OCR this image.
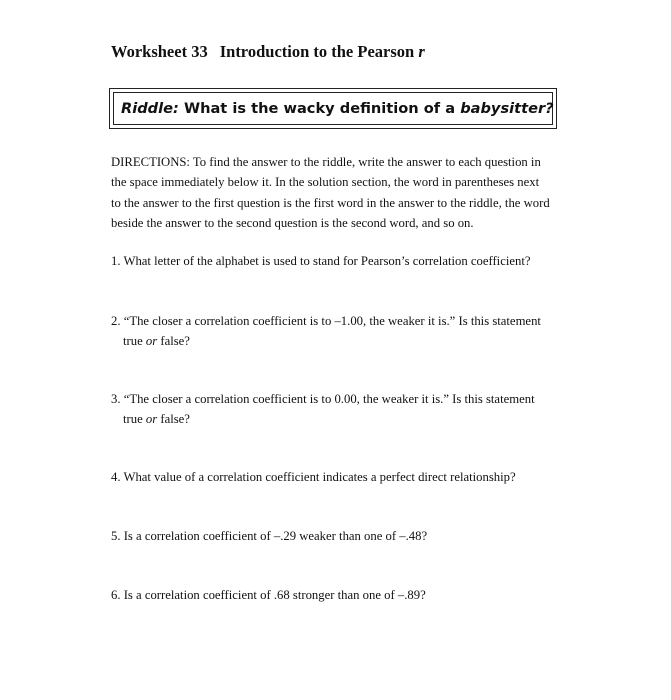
Worksheet 33 Introduction to the Pearson r
Riddle: What is the wacky definition of a babysitter?
DIRECTIONS: To find the answer to the riddle, write the answer to each question in
the space immediately below it. In the solution section, the word in parentheses next
to the answer to the first question is the first word in the answer to the riddle, the word
beside the answer to the second question is the second word, and so on.
1. What letter of the alphabet is used to stand for Pearson’s correlation coefficient?
2. “The closer a correlation coefficient is to –1.00, the weaker it is.” Is this statement
true or false?
3. “The closer a correlation coefficient is to 0.00, the weaker it is.” Is this statement
true or false?
4. What value of a correlation coefficient indicates a perfect direct relationship?
5. Is a correlation coefficient of –.29 weaker than one of –.48?
6. Is a correlation coefficient of .68 stronger than one of –.89?
